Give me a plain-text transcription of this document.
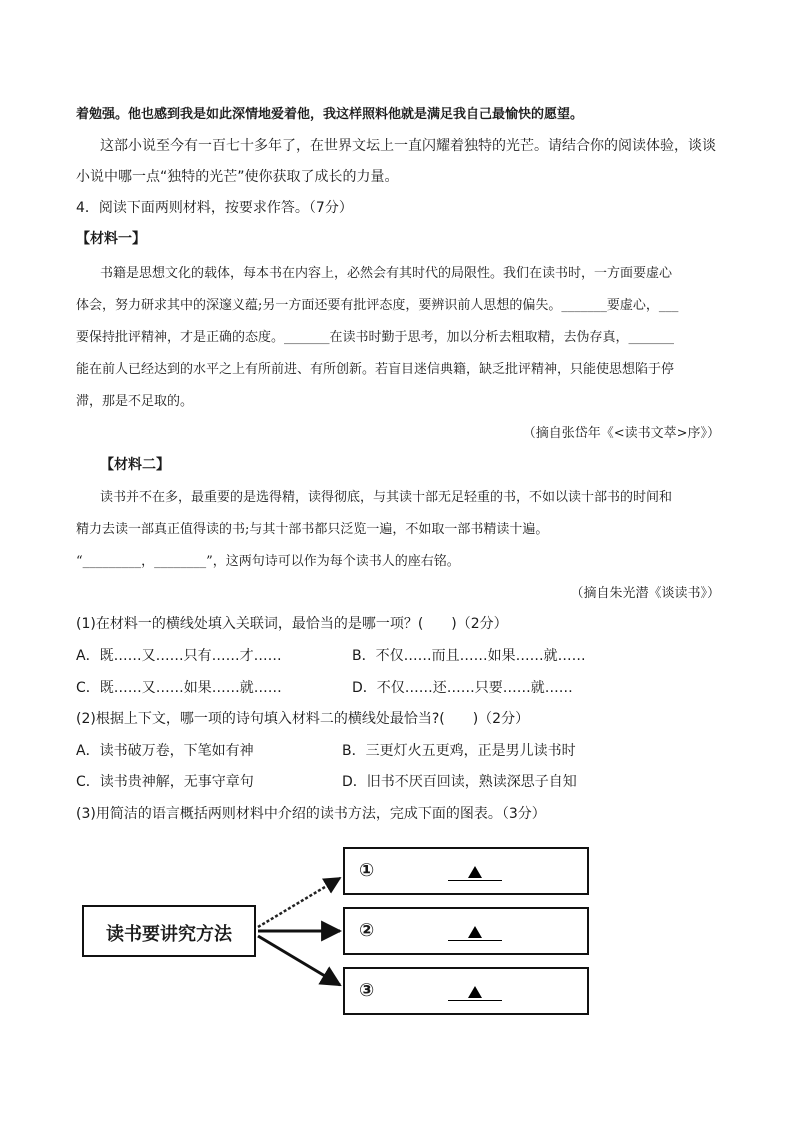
着勉强。他也感到我是如此深情地爱着他，我这样照料他就是满足我自己最愉快的愿望。
这部小说至今有一百七十多年了，在世界文坛上一直闪耀着独特的光芒。请结合你的阅读体验，谈谈
小说中哪一点“独特的光芒”使你获取了成长的力量。
4．阅读下面两则材料，按要求作答。（7分）
【材料一】
书籍是思想文化的载体，每本书在内容上，必然会有其时代的局限性。我们在读书时，一方面要虚心
体会，努力研求其中的深邃义蕴;另一方面还要有批评态度，要辨识前人思想的偏失。_______要虚心，___
要保持批评精神，才是正确的态度。_______在读书时勤于思考，加以分析去粗取精，去伪存真，_______
能在前人已经达到的水平之上有所前进、有所创新。若盲目迷信典籍，缺乏批评精神，只能使思想陷于停
滞，那是不足取的。
（摘自张岱年《<读书文萃>序》）
【材料二】
读书并不在多，最重要的是选得精，读得彻底，与其读十部无足轻重的书，不如以读十部书的时间和
精力去读一部真正值得读的书;与其十部书都只泛览一遍，不如取一部书精读十遍。
“_________，________”，这两句诗可以作为每个读书人的座右铭。
（摘自朱光潜《谈读书》）
(1)在材料一的横线处填入关联词，最恰当的是哪一项？(　　)（2分）
A．既……又……只有……才……	B．不仅……而且……如果……就……
C．既……又……如果……就……	D．不仅……还……只要……就……
(2)根据上下文，哪一项的诗句填入材料二的横线处最恰当?(　　)（2分）
A．读书破万卷，下笔如有神	B．三更灯火五更鸡，正是男儿读书时
C．读书贵神解，无事守章句	D．旧书不厌百回读，熟读深思子自知
(3)用简洁的语言概括两则材料中介绍的读书方法，完成下面的图表。（3分）
读书要讲究方法
①
②
③
